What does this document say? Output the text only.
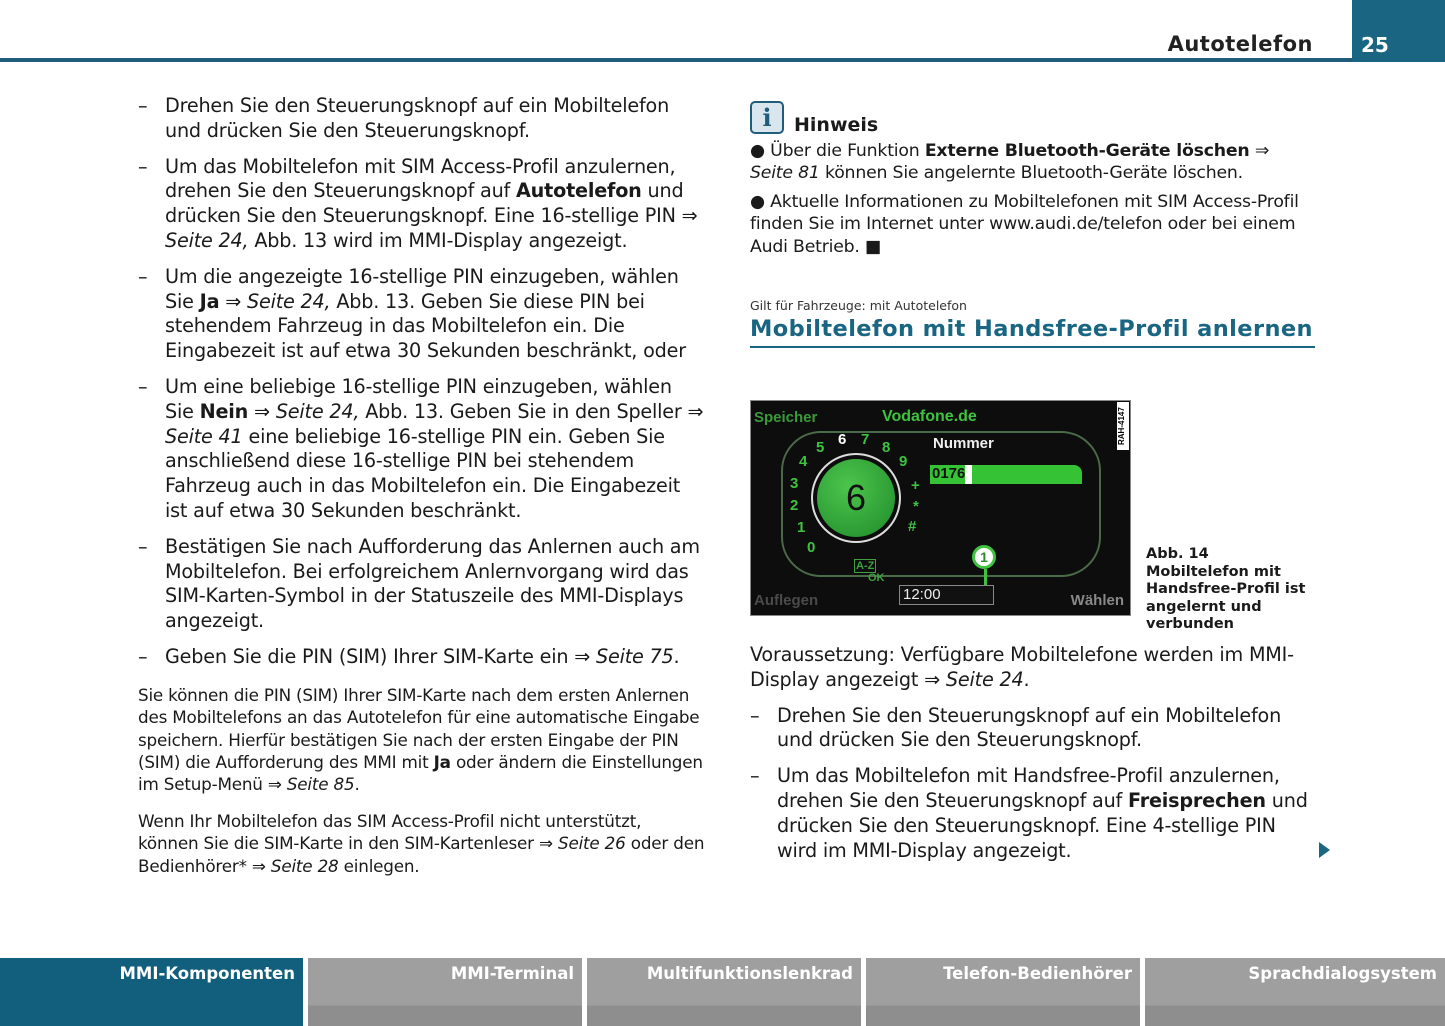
Autotelefon 25

– Drehen Sie den Steuerungsknopf auf ein Mobiltelefon und drücken Sie den Steuerungsknopf.

– Um das Mobiltelefon mit SIM Access-Profil anzulernen, drehen Sie den Steuerungsknopf auf Autotelefon und drücken Sie den Steuerungsknopf. Eine 16-stellige PIN ⇒ Seite 24, Abb. 13 wird im MMI-Display angezeigt.

– Um die angezeigte 16-stellige PIN einzugeben, wählen Sie Ja ⇒ Seite 24, Abb. 13. Geben Sie diese PIN bei stehendem Fahrzeug in das Mobiltelefon ein. Die Eingabezeit ist auf etwa 30 Sekunden beschränkt, oder

– Um eine beliebige 16-stellige PIN einzugeben, wählen Sie Nein ⇒ Seite 24, Abb. 13. Geben Sie in den Speller ⇒ Seite 41 eine beliebige 16-stellige PIN ein. Geben Sie anschließend diese 16-stellige PIN bei stehendem Fahrzeug auch in das Mobiltelefon ein. Die Eingabezeit ist auf etwa 30 Sekunden beschränkt.

– Bestätigen Sie nach Aufforderung das Anlernen auch am Mobiltelefon. Bei erfolgreichem Anlernvorgang wird das SIM-Karten-Symbol in der Statuszeile des MMI-Displays angezeigt.

– Geben Sie die PIN (SIM) Ihrer SIM-Karte ein ⇒ Seite 75.

Sie können die PIN (SIM) Ihrer SIM-Karte nach dem ersten Anlernen des Mobiltelefons an das Autotelefon für eine automatische Eingabe speichern. Hierfür bestätigen Sie nach der ersten Eingabe der PIN (SIM) die Aufforderung des MMI mit Ja oder ändern die Einstellungen im Setup-Menü ⇒ Seite 85.

Wenn Ihr Mobiltelefon das SIM Access-Profil nicht unterstützt, können Sie die SIM-Karte in den SIM-Kartenleser ⇒ Seite 26 oder den Bedienhörer* ⇒ Seite 28 einlegen.

i	Hinweis

● Über die Funktion Externe Bluetooth-Geräte löschen ⇒ Seite 81 können Sie angelernte Bluetooth-Geräte löschen.

● Aktuelle Informationen zu Mobiltelefonen mit SIM Access-Profil finden Sie im Internet unter www.audi.de/telefon oder bei einem Audi Betrieb. ■

Gilt für Fahrzeuge: mit Autotelefon
Mobiltelefon mit Handsfree-Profil anlernen
Speicher	Vodafone.de
6
0
1
2
3
4
5 6 7 8
9
+
*
#
Nummer
0176
A-Z
OK
1
12:00
Auflegen	Wählen
RAH-4147
Abb. 14  Mobiltelefon mit Handsfree-Profil ist angelernt und verbunden

Voraussetzung: Verfügbare Mobiltelefone werden im MMI-Display angezeigt ⇒ Seite 24.

– Drehen Sie den Steuerungsknopf auf ein Mobiltelefon und drücken Sie den Steuerungsknopf.

– Um das Mobiltelefon mit Handsfree-Profil anzulernen, drehen Sie den Steuerungsknopf auf Freisprechen und drücken Sie den Steuerungsknopf. Eine 4-stellige PIN wird im MMI-Display angezeigt.

MMI-Komponenten	MMI-Terminal	Multifunktionslenkrad	Telefon-Bedienhörer	Sprachdialogsystem
